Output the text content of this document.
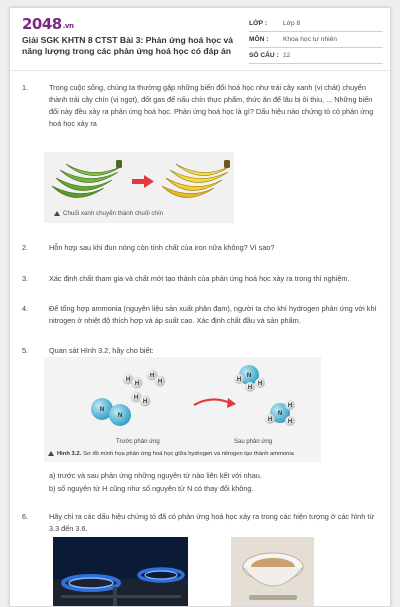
2048.vn
Giải SGK KHTN 8 CTST Bài 3: Phản ứng hoá học và năng lượng trong các phản ứng hoá học có đáp án
LỚP :	Lớp 8
MÔN :	Khoa học tự nhiên
SỐ CÂU : 12
1.	Trong cuộc sống, chúng ta thường gặp những biến đổi hoá học như trái cây xanh (vị chát) chuyển thành trái cây chín (vị ngọt), đốt gas để nấu chín thực phẩm, thức ăn để lâu bị ôi thiu, ... Những biến đổi này đều xảy ra phản ứng hoá học. Phản ứng hoá học là gì? Dấu hiệu nào chứng tỏ có phản ứng hoá học xảy ra
Chuối xanh chuyển thành chuối chín
2.	Hỗn hợp sau khi đun nóng còn tính chất của iron nữa không? Vì sao?
3.	Xác định chất tham gia và chất mới tạo thành của phản ứng hoá học xảy ra trong thí nghiệm.
4.	Để tổng hợp ammonia (nguyên liệu sản xuất phân đạm), người ta cho khí hydrogen phản ứng với khí nitrogen ở nhiệt độ thích hợp và áp suất cao. Xác định chất đầu và sản phẩm.
5.	Quan sát Hình 3.2, hãy cho biết:
N
N
H
H
H
H
H
H
N
H
H
H
N
H
H
H
Trước phản ứng	Sau phản ứng
Hình 3.2. Sơ đồ mình họa phản ứng hoá học giữa hydrogen và nitrogen tạo thành ammonia
a) trước và sau phản ứng những nguyên tử nào liên kết với nhau.
b) số nguyên tử H cũng như số nguyên tử N có thay đổi không.
6.	Hãy chỉ ra các dấu hiệu chứng tỏ đã có phản ứng hoá học xảy ra trong các hiện tượng ở các hình từ 3.3 đến 3.6.
